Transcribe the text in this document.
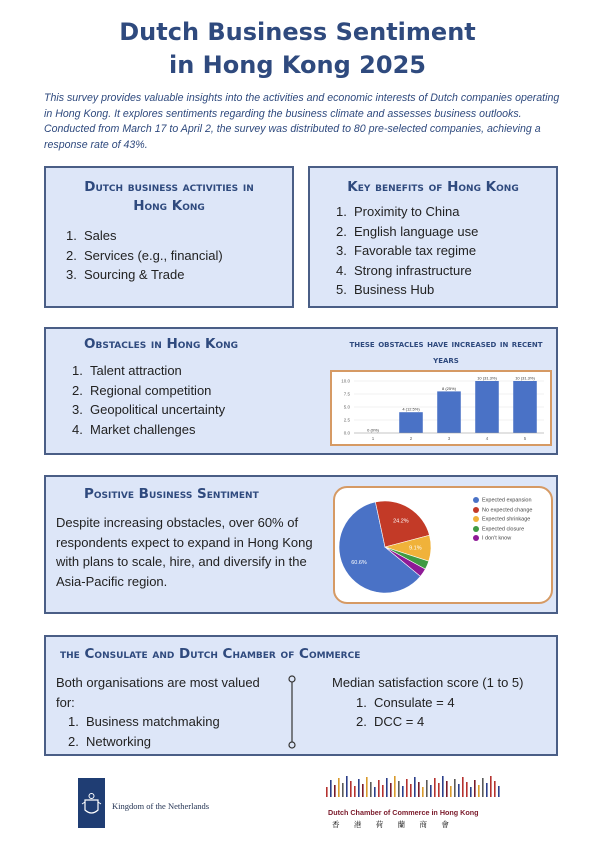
Dutch Business Sentiment
in Hong Kong 2025
This survey provides valuable insights into the activities and economic interests of Dutch companies operating in Hong Kong. It explores sentiments regarding the business climate and assesses business outlooks. Conducted from March 17 to April 2, the survey was distributed to 80 pre-selected companies, achieving a response rate of 43%.
Dutch business activities in Hong Kong
1. Sales
2. Services (e.g., financial)
3. Sourcing & Trade
Key benefits of Hong Kong
1. Proximity to China
2. English language use
3. Favorable tax regime
4. Strong infrastructure
5. Business Hub
Obstacles in Hong Kong
1. Talent attraction
2. Regional competition
3. Geopolitical uncertainty
4. Market challenges
these obstacles have increased in recent years
0.0
2.5
5.0
7.5
10.0
0 (0%)
1
4 (12.5%)
2
8 (25%)
3
10 (31.3%)
4
10 (31.3%)
5
Positive Business Sentiment
Despite increasing obstacles, over 60% of respondents expect to expand in Hong Kong with plans to scale, hire, and diversify in the Asia-Pacific region.
60.6%
24.2%
9.1%
Expected expansion
No expected change
Expected shrinkage
Expected closure
I don't know
the Consulate and Dutch Chamber of Commerce
Both organisations are most valued for:
1. Business matchmaking
2. Networking
Median satisfaction score (1 to 5)
1. Consulate = 4
2. DCC = 4
Kingdom of the Netherlands
Dutch Chamber of Commerce in Hong Kong
香 港 荷 蘭 商 會
